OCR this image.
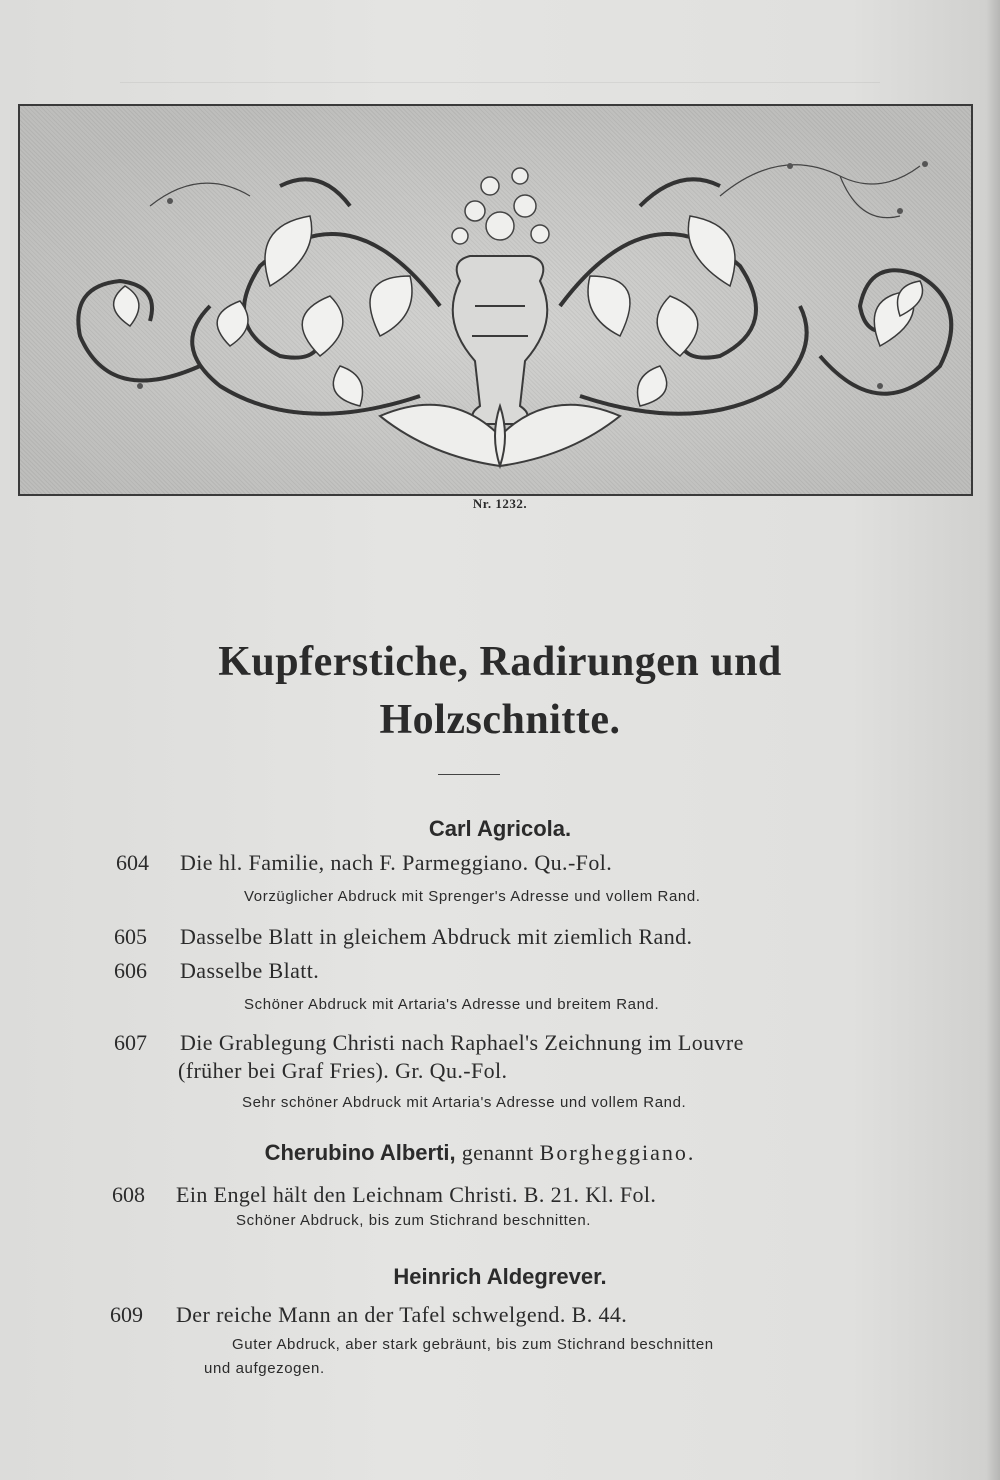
Nr. 1232.
Kupferstiche, Radirungen und
Holzschnitte.
Carl Agricola.
604 Die hl. Familie, nach F. Parmeggiano. Qu.-Fol.
Vorzüglicher Abdruck mit Sprenger's Adresse und vollem Rand.
605 Dasselbe Blatt in gleichem Abdruck mit ziemlich Rand.
606 Dasselbe Blatt.
Schöner Abdruck mit Artaria's Adresse und breitem Rand.
607 Die Grablegung Christi nach Raphael's Zeichnung im Louvre
(früher bei Graf Fries). Gr. Qu.-Fol.
Sehr schöner Abdruck mit Artaria's Adresse und vollem Rand.
Cherubino Alberti, genannt Borgheggiano.
608 Ein Engel hält den Leichnam Christi. B. 21. Kl. Fol.
Schöner Abdruck, bis zum Stichrand beschnitten.
Heinrich Aldegrever.
609 Der reiche Mann an der Tafel schwelgend. B. 44.
Guter Abdruck, aber stark gebräunt, bis zum Stichrand beschnitten
und aufgezogen.
